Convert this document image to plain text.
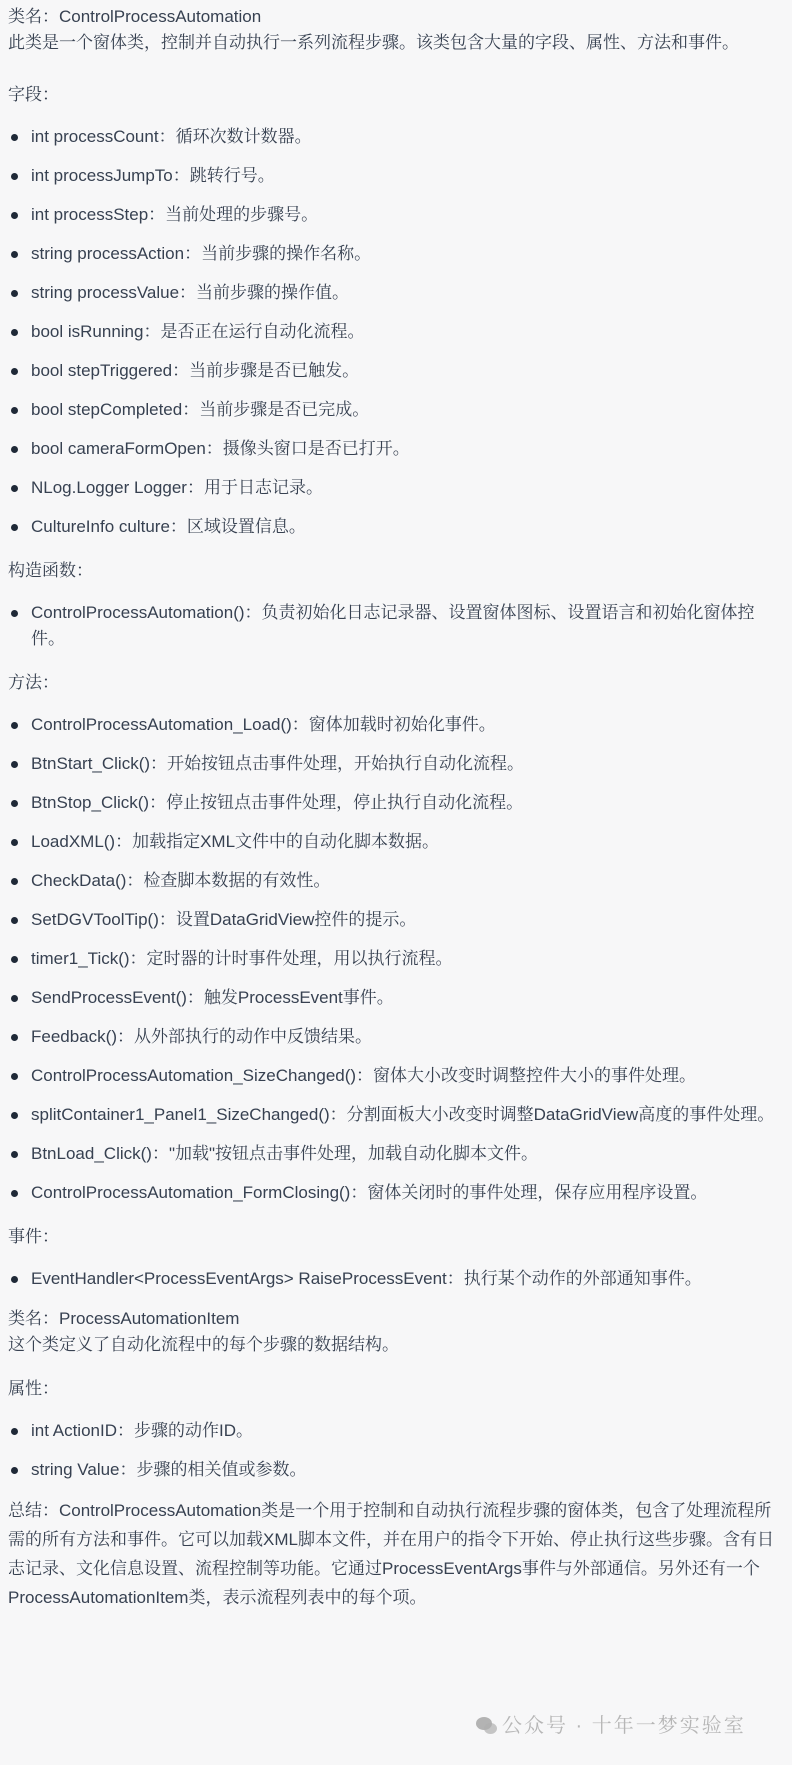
类名：ControlProcessAutomation

此类是一个窗体类，控制并自动执行一系列流程步骤。该类包含大量的字段、属性、方法和事件。

字段：

int processCount：循环次数计数器。
int processJumpTo：跳转行号。
int processStep：当前处理的步骤号。
string processAction：当前步骤的操作名称。
string processValue：当前步骤的操作值。
bool isRunning：是否正在运行自动化流程。
bool stepTriggered：当前步骤是否已触发。
bool stepCompleted：当前步骤是否已完成。
bool cameraFormOpen：摄像头窗口是否已打开。
NLog.Logger Logger：用于日志记录。
CultureInfo culture：区域设置信息。

构造函数：

ControlProcessAutomation()：负责初始化日志记录器、设置窗体图标、设置语言和初始化窗体控件。

方法：

ControlProcessAutomation_Load()：窗体加载时初始化事件。
BtnStart_Click()：开始按钮点击事件处理，开始执行自动化流程。
BtnStop_Click()：停止按钮点击事件处理，停止执行自动化流程。
LoadXML()：加载指定XML文件中的自动化脚本数据。
CheckData()：检查脚本数据的有效性。
SetDGVToolTip()：设置DataGridView控件的提示。
timer1_Tick()：定时器的计时事件处理，用以执行流程。
SendProcessEvent()：触发ProcessEvent事件。
Feedback()：从外部执行的动作中反馈结果。
ControlProcessAutomation_SizeChanged()：窗体大小改变时调整控件大小的事件处理。
splitContainer1_Panel1_SizeChanged()：分割面板大小改变时调整DataGridView高度的事件处理。
BtnLoad_Click()："加载"按钮点击事件处理，加载自动化脚本文件。
ControlProcessAutomation_FormClosing()：窗体关闭时的事件处理，保存应用程序设置。

事件：

EventHandler<ProcessEventArgs> RaiseProcessEvent：执行某个动作的外部通知事件。

类名：ProcessAutomationItem

这个类定义了自动化流程中的每个步骤的数据结构。

属性：

int ActionID：步骤的动作ID。
string Value：步骤的相关值或参数。

总结：ControlProcessAutomation类是一个用于控制和自动执行流程步骤的窗体类，包含了处理流程所需的所有方法和事件。它可以加载XML脚本文件，并在用户的指令下开始、停止执行这些步骤。含有日志记录、文化信息设置、流程控制等功能。它通过ProcessEventArgs事件与外部通信。另外还有一个ProcessAutomationItem类，表示流程列表中的每个项。

公众号 · 十年一梦实验室
